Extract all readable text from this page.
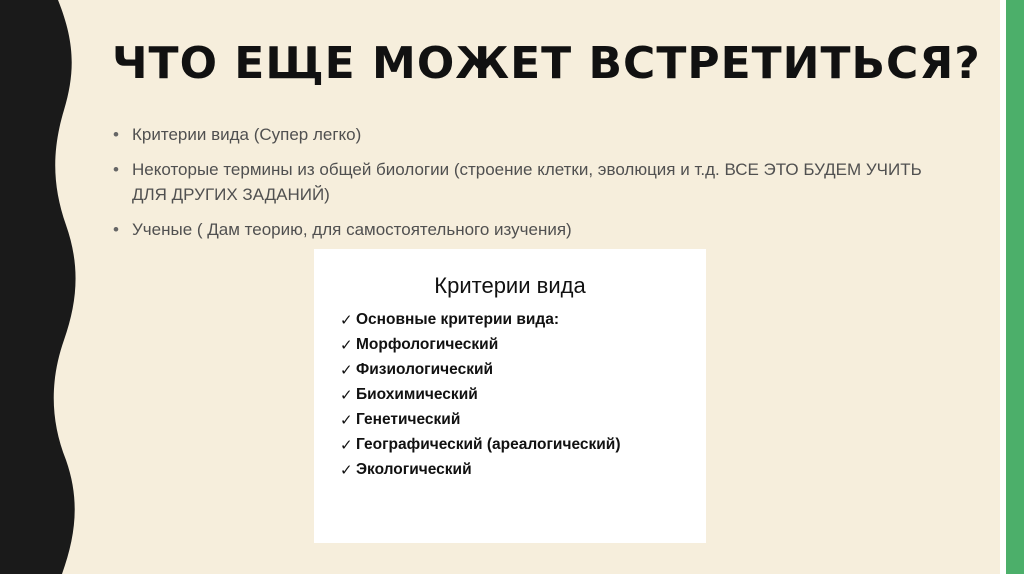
ЧТО ЕЩЕ МОЖЕТ ВСТРЕТИТЬСЯ?
• Критерии вида (Супер легко)
• Некоторые термины из общей биологии (строение клетки, эволюция и т.д. ВСЕ ЭТО БУДЕМ УЧИТЬ ДЛЯ ДРУГИХ ЗАДАНИЙ)
• Ученые ( Дам теорию, для самостоятельного изучения)
Критерии вида
✓ Основные критерии вида:
✓ Морфологический
✓ Физиологический
✓ Биохимический
✓ Генетический
✓ Географический (ареалогический)
✓ Экологический
